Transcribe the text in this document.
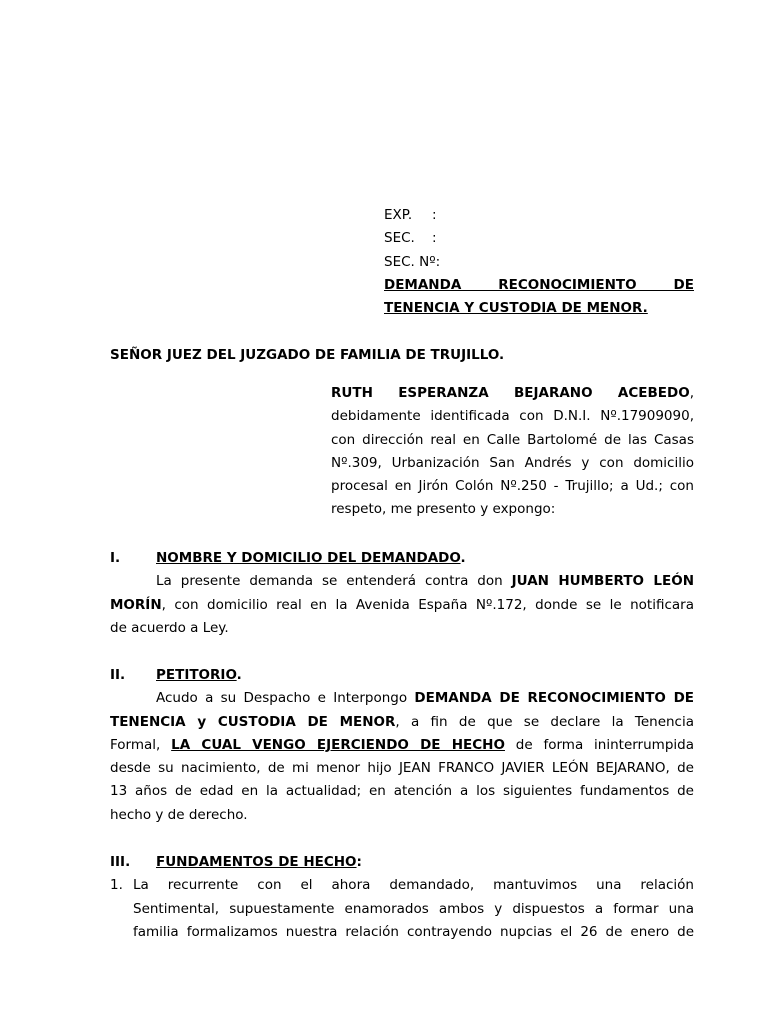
EXP.	:
SEC.	:
SEC. Nº:
DEMANDA RECONOCIMIENTO DE
TENENCIA Y CUSTODIA DE MENOR.
SEÑOR JUEZ DEL JUZGADO DE FAMILIA DE TRUJILLO.
RUTH ESPERANZA BEJARANO ACEBEDO,
debidamente identificada con D.N.I. Nº.17909090,
con dirección real en Calle Bartolomé de las Casas
Nº.309, Urbanización San Andrés y con domicilio
procesal en Jirón Colón Nº.250 - Trujillo; a Ud.; con
respeto, me presento y expongo:
I.	NOMBRE Y DOMICILIO DEL DEMANDADO.
La presente demanda se entenderá contra don JUAN HUMBERTO LEÓN
MORÍN, con domicilio real en la Avenida España Nº.172, donde se le notificara
de acuerdo a Ley.
II.	PETITORIO.
Acudo a su Despacho e Interpongo DEMANDA DE RECONOCIMIENTO DE
TENENCIA y CUSTODIA DE MENOR, a fin de que se declare la Tenencia
Formal, LA CUAL VENGO EJERCIENDO DE HECHO de forma ininterrumpida
desde su nacimiento, de mi menor hijo JEAN FRANCO JAVIER LEÓN BEJARANO, de
13 años de edad en la actualidad; en atención a los siguientes fundamentos de
hecho y de derecho.
III.	FUNDAMENTOS DE HECHO:
1. La recurrente con el ahora demandado, mantuvimos una relación
Sentimental, supuestamente enamorados ambos y dispuestos a formar una
familia formalizamos nuestra relación contrayendo nupcias el 26 de enero de
